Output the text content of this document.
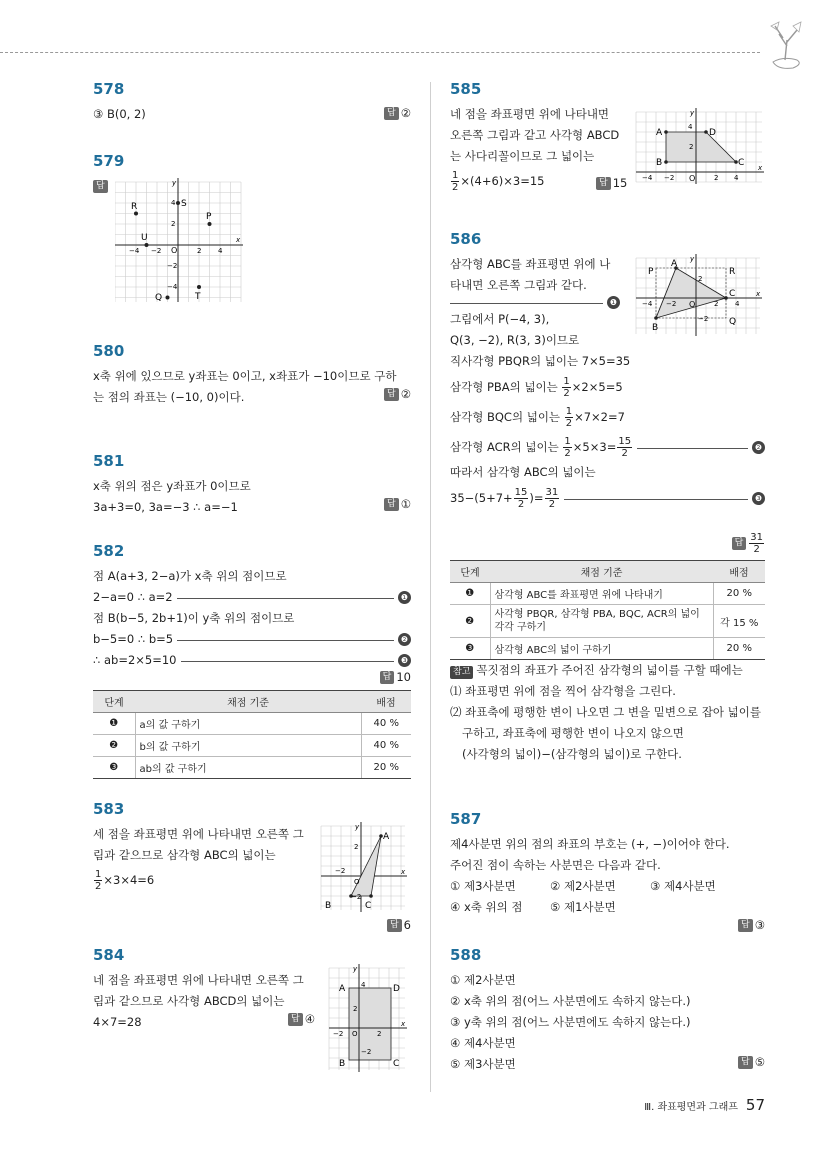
578
③ B(0, 2)	답 ②
579
답
x
y
O
−4 −2	2 4
4
2
−2
−4
R	S
P
U
T
Q
580
x축 위에 있으므로 y좌표는 0이고, x좌표가 −10이므로 구하
는 점의 좌표는 (−10, 0)이다.	답 ②
581
x축 위의 점은 y좌표가 0이므로
3a+3=0, 3a=−3 ∴ a=−1	답 ①
582
점 A(a+3, 2−a)가 x축 위의 점이므로
2−a=0 ∴ a=2	❶
점 B(b−5, 2b+1)이 y축 위의 점이므로
b−5=0 ∴ b=5	❷
∴ ab=2×5=10	❸
답 10
단계	채점 기준	배점
❶	a의 값 구하기	40 %
❷	b의 값 구하기	40 %
❸	ab의 값 구하기	20 %
583
세 점을 좌표평면 위에 나타내면 오른쪽 그
림과 같으므로 삼각형 ABC의 넓이는
$\frac{1}{2} \times 3\times 4=6$
답 6
A
B	C
O
y
x
−2
2
−2
584
네 점을 좌표평면 위에 나타내면 오른쪽 그
림과 같으므로 사각형 ABCD의 넓이는
4×7=28	답 ④
A	D
B	C
y
x
O
4
2
−2	2
−2
585
네 점을 좌표평면 위에 나타내면
오른쪽 그림과 같고 사각형 ABCD
는 사다리꼴이므로 그 넓이는
$\frac{1}{2} \times(4+6)\times 3=15$	답 15
A	D
B	C
y
x
4
2
−4 −2 O	2 4
586
삼각형 ABC를 좌표평면 위에 나
타내면 오른쪽 그림과 같다.
❶
그림에서 P(−4, 3),
Q(3, −2), R(3, 3)이므로
직사각형 PBQR의 넓이는 7×5=35
삼각형 PBA의 넓이는 $\frac{1}{2} \times 2\times 5=5$
삼각형 BQC의 넓이는 $\frac{1}{2} \times 7\times 2=7$
삼각형 ACR의 넓이는
$\frac{1}{2} \times 5\times 3= \frac{15}{2}$	❷
따라서 삼각형 ABC의 넓이는
$35-(5+7+ \frac{15}{2}$ )= $\frac{31}{2}$	❸
답 $\frac{31}{2}$
A
P	R
C
Q
B
y
x
2
−4 −2 O	2 4
−2
단계	채점 기준	배점
❶	삼각형 ABC를 좌표평면 위에 나타내기	20 %
❷	사각형 PBQR, 삼각형 PBA, BQC, ACR의 넓이 각각 구하기	각 15 %
❸	삼각형 ABC의 넓이 구하기	20 %
참고 꼭짓점의 좌표가 주어진 삼각형의 넓이를 구할 때에는
⑴ 좌표평면 위에 점을 찍어 삼각형을 그린다.
⑵ 좌표축에 평행한 변이 나오면 그 변을 밑변으로 잡아 넓이를
구하고, 좌표축에 평행한 변이 나오지 않으면
(사각형의 넓이)−(삼각형의 넓이)로 구한다.
587
제4사분면 위의 점의 좌표의 부호는 (+, −)이어야 한다.
주어진 점이 속하는 사분면은 다음과 같다.
① 제3사분면	② 제2사분면	③ 제4사분면
④ x축 위의 점 ⑤ 제1사분면
답 ③
588
① 제2사분면
② x축 위의 점(어느 사분면에도 속하지 않는다.)
③ y축 위의 점(어느 사분면에도 속하지 않는다.)
④ 제4사분면
⑤ 제3사분면	답 ⑤
Ⅲ. 좌표평면과 그래프 57
